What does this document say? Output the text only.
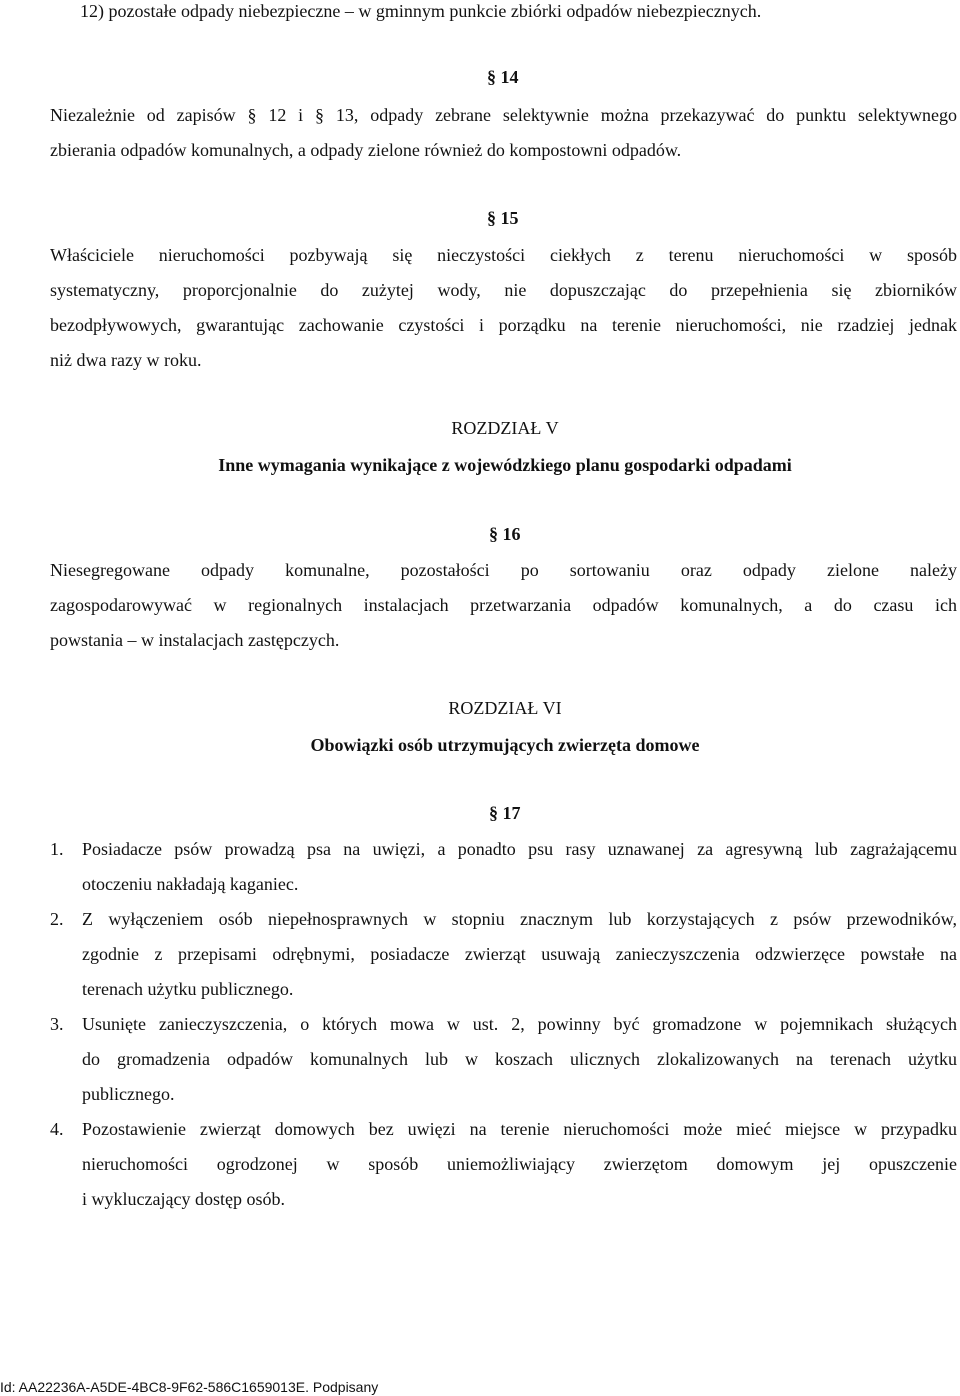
12) pozostałe odpady niebezpieczne – w gminnym punkcie zbiórki odpadów niebezpiecznych.
§ 14
Niezależnie od zapisów § 12 i § 13, odpady zebrane selektywnie można przekazywać do punktu selektywnego
zbierania odpadów komunalnych, a odpady zielone również do kompostowni odpadów.
§ 15
Właściciele nieruchomości pozbywają się nieczystości ciekłych z terenu nieruchomości w sposób
systematyczny, proporcjonalnie do zużytej wody, nie dopuszczając do przepełnienia się zbiorników
bezodpływowych, gwarantując zachowanie czystości i porządku na terenie nieruchomości, nie rzadziej jednak
niż dwa razy w roku.
ROZDZIAŁ V
Inne wymagania wynikające z wojewódzkiego planu gospodarki odpadami
§ 16
Niesegregowane odpady komunalne, pozostałości po sortowaniu oraz odpady zielone należy
zagospodarowywać w regionalnych instalacjach przetwarzania odpadów komunalnych, a do czasu ich
powstania – w instalacjach zastępczych.
ROZDZIAŁ VI
Obowiązki osób utrzymujących zwierzęta domowe
§ 17
1. Posiadacze psów prowadzą psa na uwięzi, a ponadto psu rasy uznawanej za agresywną lub zagrażającemu
otoczeniu nakładają kaganiec.
2. Z wyłączeniem osób niepełnosprawnych w stopniu znacznym lub korzystających z psów przewodników,
zgodnie z przepisami odrębnymi, posiadacze zwierząt usuwają zanieczyszczenia odzwierzęce powstałe na
terenach użytku publicznego.
3. Usunięte zanieczyszczenia, o których mowa w ust. 2, powinny być gromadzone w pojemnikach służących
do gromadzenia odpadów komunalnych lub w koszach ulicznych zlokalizowanych na terenach użytku
publicznego.
4. Pozostawienie zwierząt domowych bez uwięzi na terenie nieruchomości może mieć miejsce w przypadku
nieruchomości ogrodzonej w sposób uniemożliwiający zwierzętom domowym jej opuszczenie
i wykluczający dostęp osób.
Id: AA22236A-A5DE-4BC8-9F62-586C1659013E. Podpisany
